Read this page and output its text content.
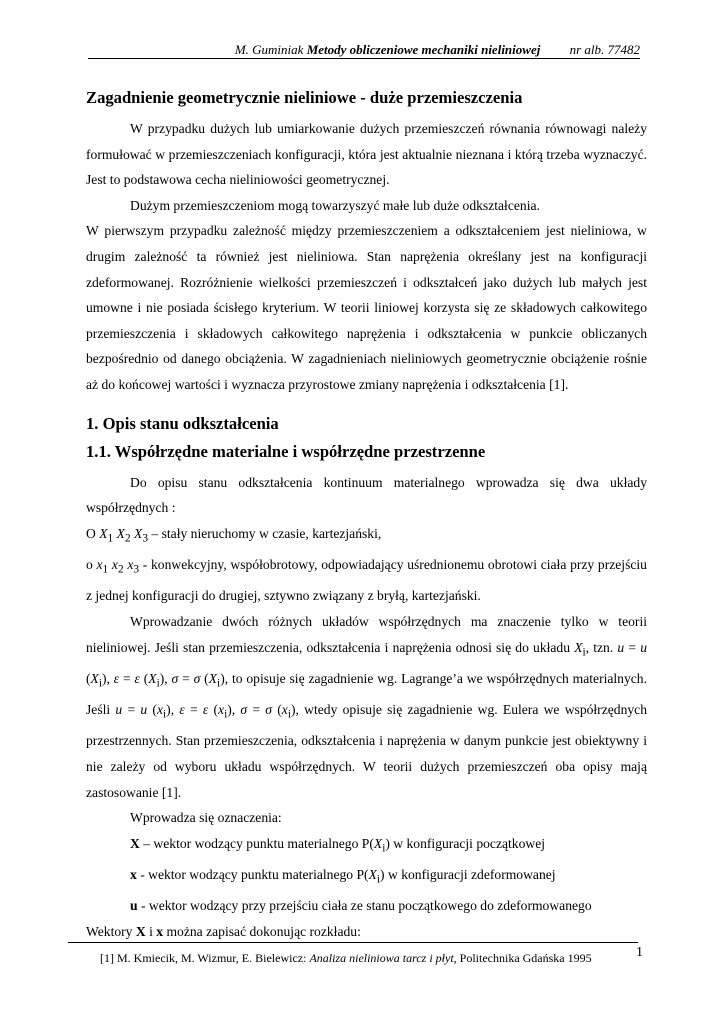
M. Guminiak Metody obliczeniowe mechaniki nieliniowej nr alb. 77482
Zagadnienie geometrycznie nieliniowe - duże przemieszczenia

W przypadku dużych lub umiarkowanie dużych przemieszczeń równania równowagi należy formułować w przemieszczeniach konfiguracji, która jest aktualnie nieznana i którą trzeba wyznaczyć. Jest to podstawowa cecha nieliniowości geometrycznej.

Dużym przemieszczeniom mogą towarzyszyć małe lub duże odkształcenia.

W pierwszym przypadku zależność między przemieszczeniem a odkształceniem jest nieliniowa, w drugim zależność ta również jest nieliniowa. Stan naprężenia określany jest na konfiguracji zdeformowanej. Rozróżnienie wielkości przemieszczeń i odkształceń jako dużych lub małych jest umowne i nie posiada ścisłego kryterium. W teorii liniowej korzysta się ze składowych całkowitego przemieszczenia i składowych całkowitego naprężenia i odkształcenia w punkcie obliczanych bezpośrednio od danego obciążenia. W zagadnieniach nieliniowych geometrycznie obciążenie rośnie aż do końcowej wartości i wyznacza przyrostowe zmiany naprężenia i odkształcenia [1].

1. Opis stanu odkształcenia
1.1. Współrzędne materialne i współrzędne przestrzenne

Do opisu stanu odkształcenia kontinuum materialnego wprowadza się dwa układy współrzędnych :

O $X_1$ $X_2$ $X_3$ – stały nieruchomy w czasie, kartezjański,

o $x_1$ $x_2$ $x_3$ - konwekcyjny, współobrotowy, odpowiadający uśrednionemu obrotowi ciała przy przejściu z jednej konfiguracji do drugiej, sztywno związany z bryłą, kartezjański.

Wprowadzanie dwóch różnych układów współrzędnych ma znaczenie tylko w teorii nieliniowej. Jeśli stan przemieszczenia, odkształcenia i naprężenia odnosi się do układu $X_i$, tzn. u = u $(X_i)$, ε = ε $(X_i)$, σ = σ $(X_i)$, to opisuje się zagadnienie wg. Lagrange’a we współrzędnych materialnych. Jeśli u = u $(x_i)$, ε = ε $(x_i)$, σ = σ $(x_i)$, wtedy opisuje się zagadnienie wg. Eulera we współrzędnych przestrzennych. Stan przemieszczenia, odkształcenia i naprężenia w danym punkcie jest obiektywny i nie zależy od wyboru układu współrzędnych. W teorii dużych przemieszczeń oba opisy mają zastosowanie [1].

Wprowadza się oznaczenia:

X – wektor wodzący punktu materialnego $P(X_i)$ w konfiguracji początkowej

x - wektor wodzący punktu materialnego $P(X_i)$ w konfiguracji zdeformowanej

u - wektor wodzący przy przejściu ciała ze stanu początkowego do zdeformowanego

Wektory X i x można zapisać dokonując rozkładu:

[1] M. Kmiecik, M. Wizmur, E. Bielewicz: Analiza nieliniowa tarcz i płyt, Politechnika Gdańska 1995	1
